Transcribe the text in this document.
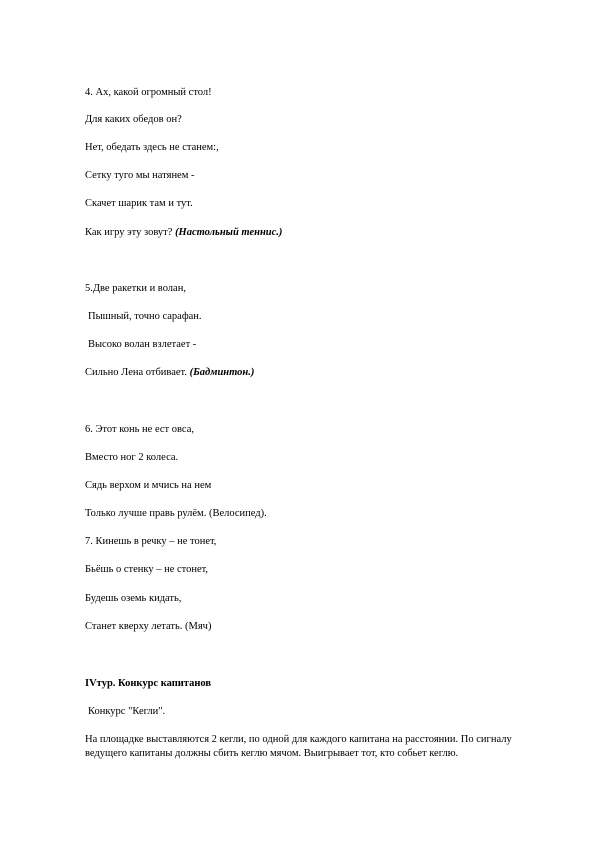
4. Ах, какой огромный стол!
Для каких обедов он?
Нет, обедать здесь не станем:,
Сетку туго мы натянем -
Скачет шарик там и тут.
Как игру эту зовут? (Настольный теннис.)
5.Две ракетки и волан,
Пышный, точно сарафан.
Высоко волан взлетает -
Сильно Лена отбивает. (Бадминтон.)
6. Этот конь не ест овса,
Вместо ног 2 колеса.
Сядь верхом и мчись на нем
Только лучше правь рулём. (Велосипед).
7. Кинешь в речку – не тонет,
Бьёшь о стенку – не стонет,
Будешь оземь кидать,
Станет кверху летать. (Мяч)
IVтур. Конкурс капитанов
Конкурс "Кегли".
На площадке выставляются 2 кегли, по одной для каждого капитана на расстоянии. По сигналу ведущего капитаны должны сбить кеглю мячом. Выигрывает тот, кто собьет кеглю.
